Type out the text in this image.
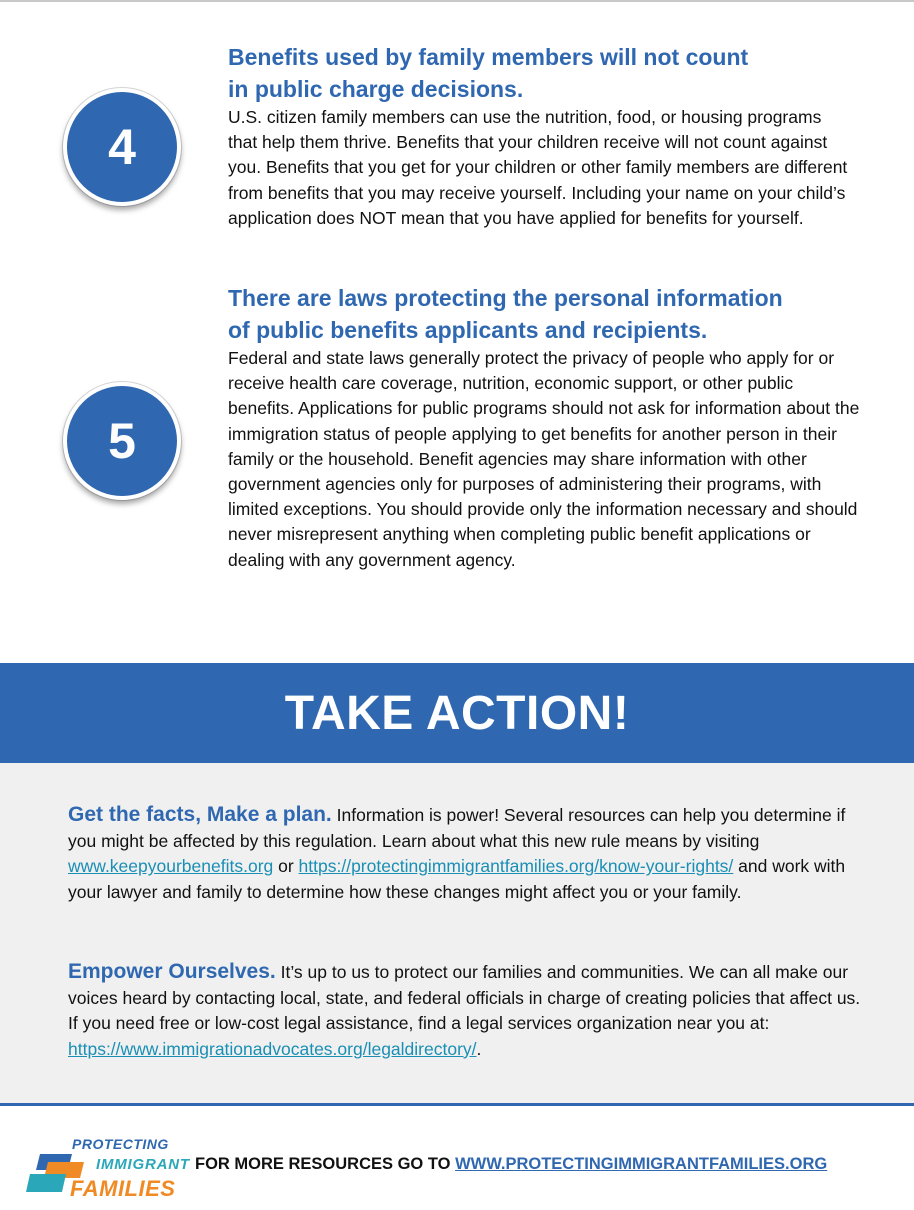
4
Benefits used by family members will not count
in public charge decisions.
U.S. citizen family members can use the nutrition, food, or housing programs that help them thrive. Benefits that your children receive will not count against you. Benefits that you get for your children or other family members are different from benefits that you may receive yourself. Including your name on your child’s application does NOT mean that you have applied for benefits for yourself.
5
There are laws protecting the personal information
of public benefits applicants and recipients.
Federal and state laws generally protect the privacy of people who apply for or receive health care coverage, nutrition, economic support, or other public benefits. Applications for public programs should not ask for information about the immigration status of people applying to get benefits for another person in their family or the household. Benefit agencies may share information with other government agencies only for purposes of administering their programs, with limited exceptions. You should provide only the information necessary and should never misrepresent anything when completing public benefit applications or dealing with any government agency.
TAKE ACTION!

Get the facts, Make a plan. Information is power! Several resources can help you determine if you might be affected by this regulation. Learn about what this new rule means by visiting www.keepyourbenefits.org or https://protectingimmigrantfamilies.org/know-your-rights/ and work with your lawyer and family to determine how these changes might affect you or your family.

Empower Ourselves. It’s up to us to protect our families and communities. We can all make our voices heard by contacting local, state, and federal officials in charge of creating policies that affect us. If you need free or low-cost legal assistance, find a legal services organization near you at: https://www.immigrationadvocates.org/legaldirectory/.

PROTECTING
IMMIGRANT
FAMILIES
FOR MORE RESOURCES GO TO WWW.PROTECTINGIMMIGRANTFAMILIES.ORG
